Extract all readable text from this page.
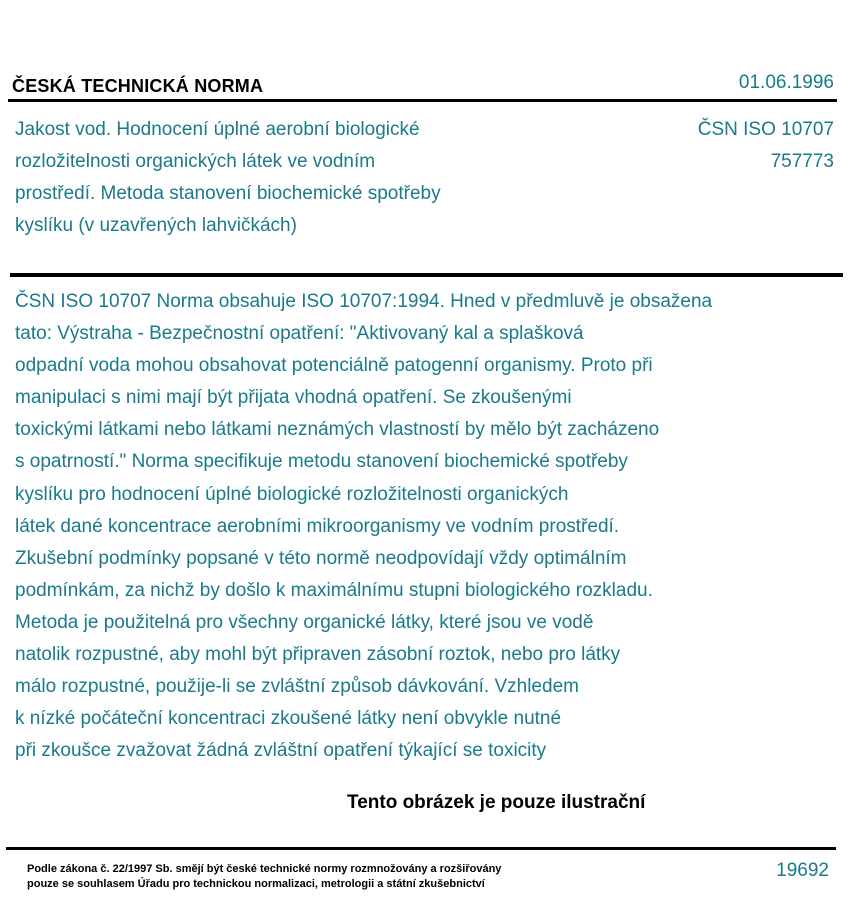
ČESKÁ TECHNICKÁ NORMA	01.06.1996
Jakost vod. Hodnocení úplné aerobní biologické
rozložitelnosti organických látek ve vodním
prostředí. Metoda stanovení biochemické spotřeby
kyslíku (v uzavřených lahvičkách)
ČSN ISO 10707
757773
ČSN ISO 10707 Norma obsahuje ISO 10707:1994. Hned v předmluvě je obsažena
tato: Výstraha - Bezpečnostní opatření: "Aktivovaný kal a splašková
odpadní voda mohou obsahovat potenciálně patogenní organismy. Proto při
manipulaci s nimi mají být přijata vhodná opatření. Se zkoušenými
toxickými látkami nebo látkami neznámých vlastností by mělo být zacházeno
s opatrností." Norma specifikuje metodu stanovení biochemické spotřeby
kyslíku pro hodnocení úplné biologické rozložitelnosti organických
látek dané koncentrace aerobními mikroorganismy ve vodním prostředí.
Zkušební podmínky popsané v této normě neodpovídají vždy optimálním
podmínkám, za nichž by došlo k maximálnímu stupni biologického rozkladu.
Metoda je použitelná pro všechny organické látky, které jsou ve vodě
natolik rozpustné, aby mohl být připraven zásobní roztok, nebo pro látky
málo rozpustné, použije-li se zvláštní způsob dávkování. Vzhledem
k nízké počáteční koncentraci zkoušené látky není obvykle nutné
při zkoušce zvažovat žádná zvláštní opatření týkající se toxicity
Tento obrázek je pouze ilustrační
Podle zákona č. 22/1997 Sb. smějí být české technické normy rozmnožovány a rozšiřovány
pouze se souhlasem Úřadu pro technickou normalizaci, metrologii a státní zkušebnictví
19692
